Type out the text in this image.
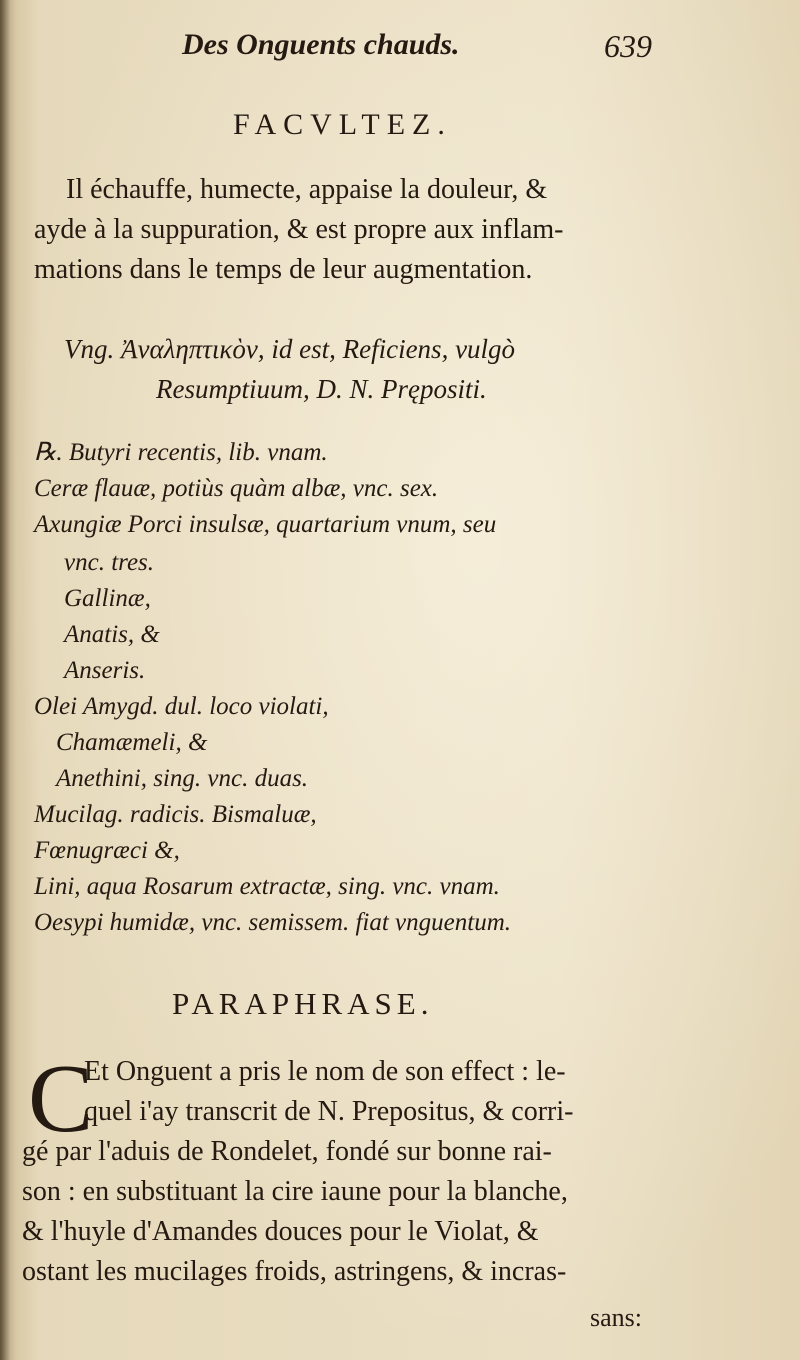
Des Onguents chauds.	639
FACVLTEZ.
Il échauffe, humecte, appaise la douleur, &
ayde à la suppuration, & est propre aux inflam-
mations dans le temps de leur augmentation.
Vng. Ἀναληπτικὸν, id est, Reficiens, vulgò
Resumptiuum, D. N. Prępositi.
℞. Butyri recentis, lib. vnam.
Ceræ flauæ, potiùs quàm albæ, vnc. sex.
Axungiæ Porci insulsæ, quartarium vnum, seu
vnc. tres.
Gallinæ,
Anatis, &
Anseris.
Olei Amygd. dul. loco violati,
Chamæmeli, &
Anethini, sing. vnc. duas.
Mucilag. radicis. Bismaluæ,
Fœnugræci &,
Lini, aqua Rosarum extractæ, sing. vnc. vnam.
Oesypi humidæ, vnc. semissem. fiat vnguentum.
PARAPHRASE.
C
Et Onguent a pris le nom de son effect : le-
quel i'ay transcrit de N. Prepositus, & corri-
gé par l'aduis de Rondelet, fondé sur bonne rai-
son : en substituant la cire iaune pour la blanche,
& l'huyle d'Amandes douces pour le Violat, &
ostant les mucilages froids, astringens, & incras-
sans:
